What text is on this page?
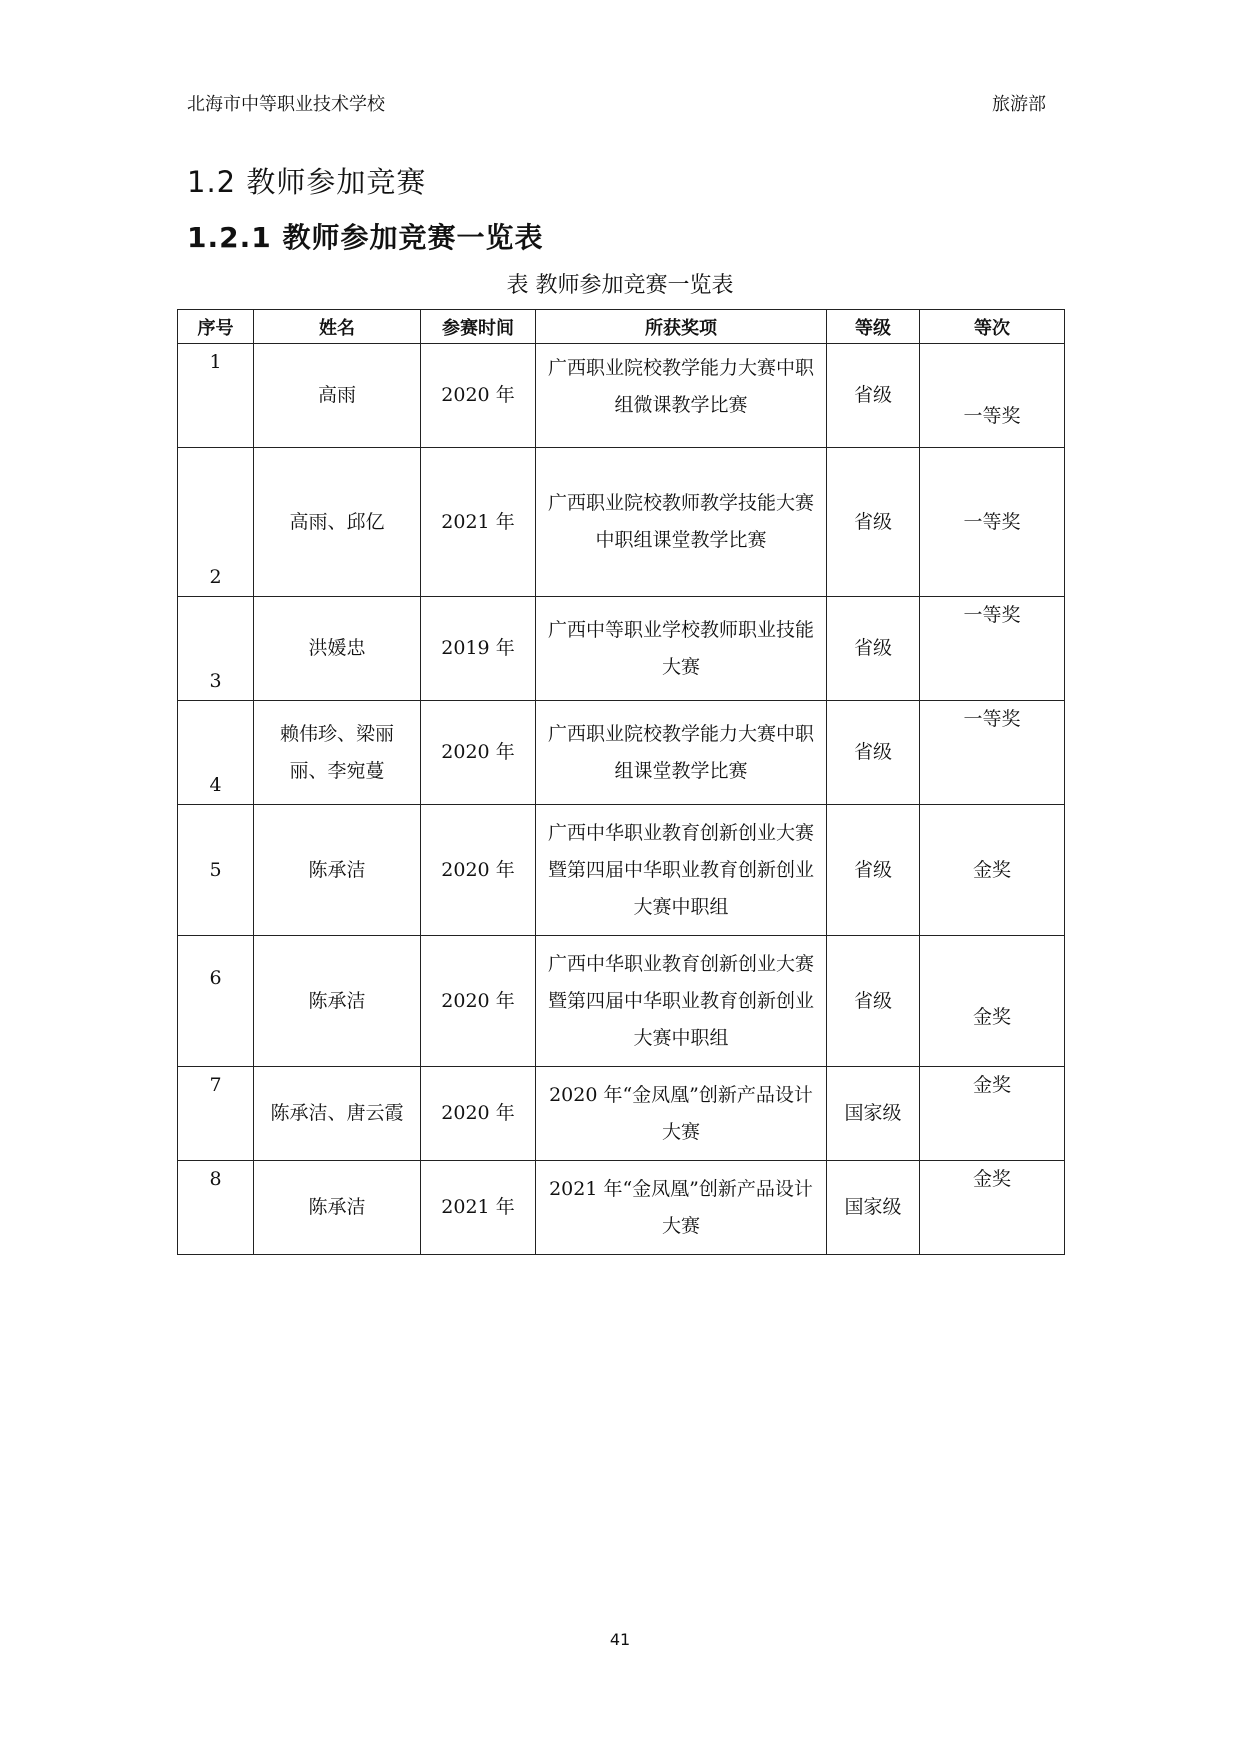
北海市中等职业技术学校	旅游部
1.2 教师参加竞赛
1.2.1 教师参加竞赛一览表
表 教师参加竞赛一览表
序号	姓名	参赛时间	所获奖项	等级	等次
1	高雨	2020 年	广西职业院校教学能力大赛中职组微课教学比赛	省级	一等奖
2	高雨、邱亿	2021 年	广西职业院校教师教学技能大赛中职组课堂教学比赛	省级	一等奖
3	洪媛忠	2019 年	广西中等职业学校教师职业技能大赛	省级	一等奖
4	赖伟珍、梁丽丽、李宛蔓	2020 年	广西职业院校教学能力大赛中职组课堂教学比赛	省级	一等奖
5	陈承洁	2020 年	广西中华职业教育创新创业大赛暨第四届中华职业教育创新创业大赛中职组	省级	金奖
6	陈承洁	2020 年	广西中华职业教育创新创业大赛暨第四届中华职业教育创新创业大赛中职组	省级	金奖
7	陈承洁、唐云霞	2020 年	2020 年“金凤凰”创新产品设计大赛	国家级	金奖
8	陈承洁	2021 年	2021 年“金凤凰”创新产品设计大赛	国家级	金奖
41
